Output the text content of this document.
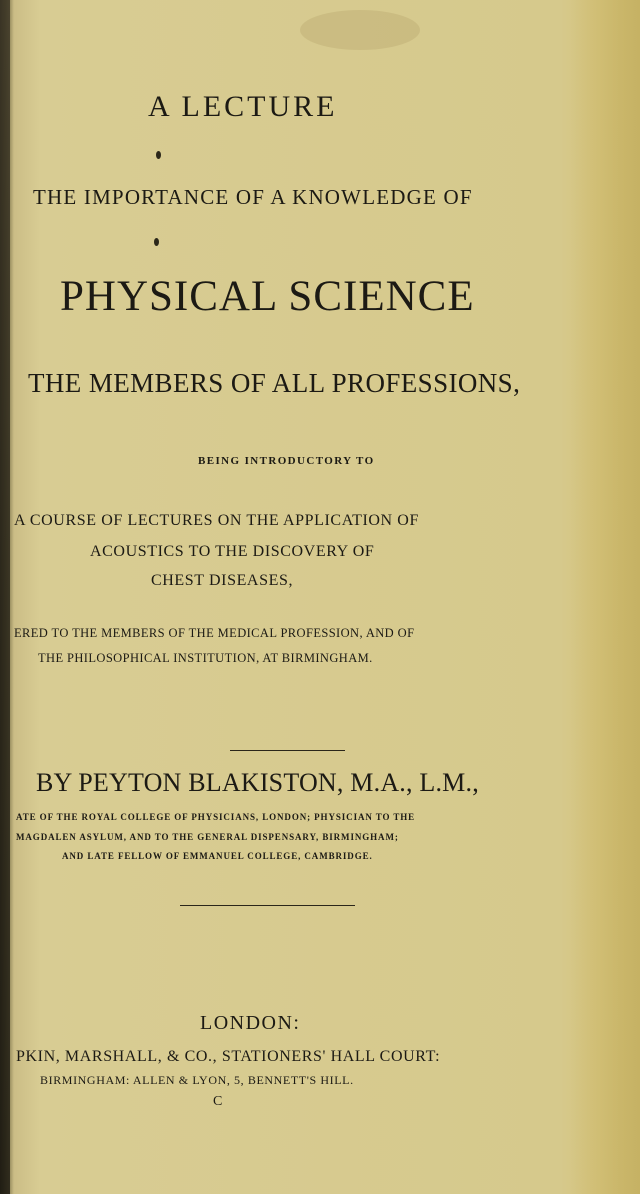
A LECTURE
THE IMPORTANCE OF A KNOWLEDGE OF
PHYSICAL SCIENCE
THE MEMBERS OF ALL PROFESSIONS,
BEING INTRODUCTORY TO
A COURSE OF LECTURES ON THE APPLICATION OF
ACOUSTICS TO THE DISCOVERY OF
CHEST DISEASES,
ERED TO THE MEMBERS OF THE MEDICAL PROFESSION, AND OF
THE PHILOSOPHICAL INSTITUTION, AT BIRMINGHAM.
BY PEYTON BLAKISTON, M.A., L.M.,
ATE OF THE ROYAL COLLEGE OF PHYSICIANS, LONDON; PHYSICIAN TO THE
MAGDALEN ASYLUM, AND TO THE GENERAL DISPENSARY, BIRMINGHAM;
AND LATE FELLOW OF EMMANUEL COLLEGE, CAMBRIDGE.
LONDON:
PKIN, MARSHALL, & CO., STATIONERS' HALL COURT:
BIRMINGHAM: ALLEN & LYON, 5, BENNETT'S HILL.
C
